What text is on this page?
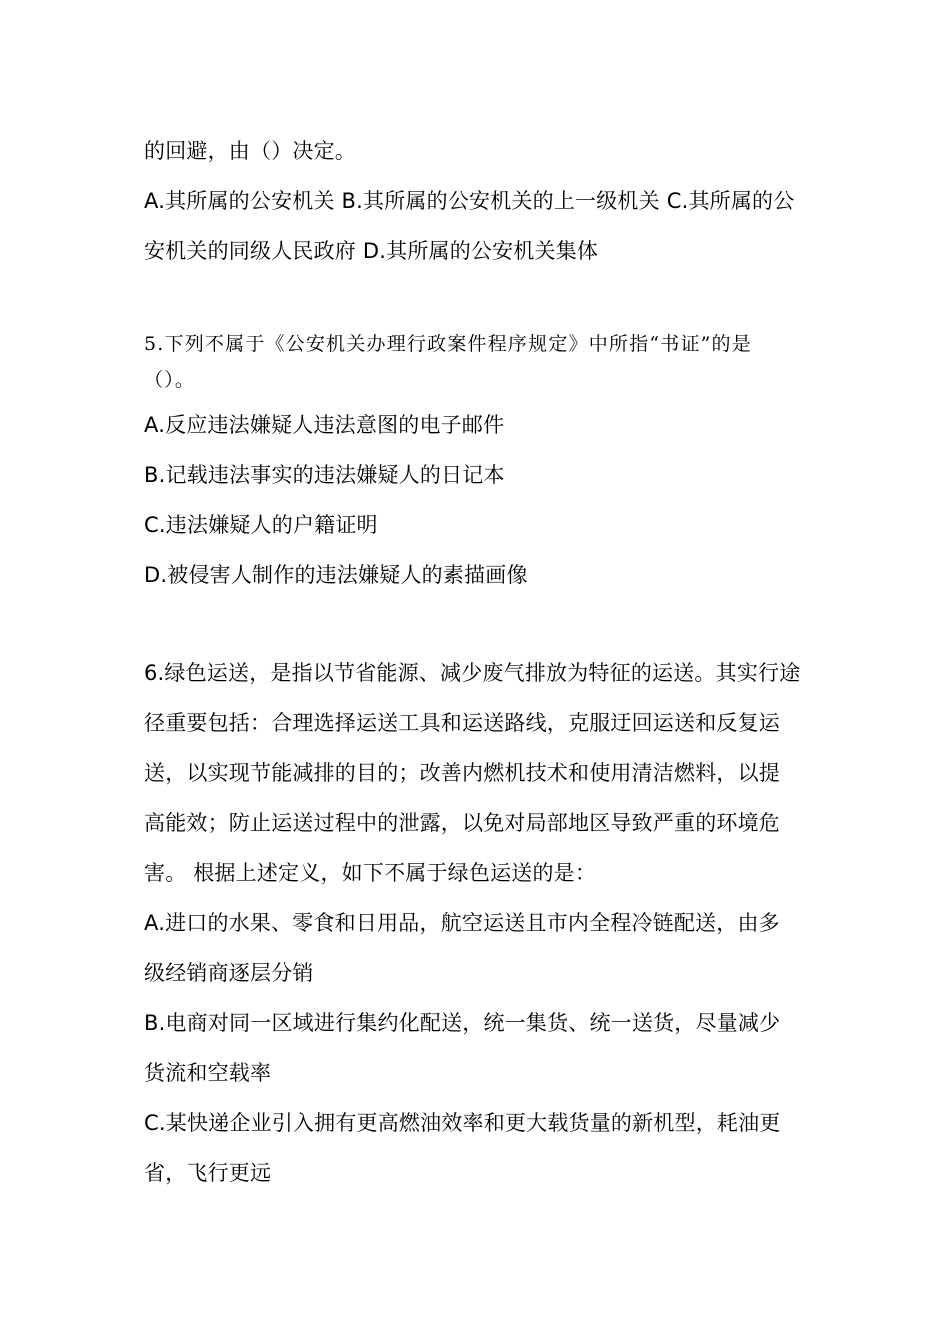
的回避，由（）决定。
A.其所属的公安机关 B.其所属的公安机关的上一级机关 C.其所属的公
安机关的同级人民政府 D.其所属的公安机关集体
5.下列不属于《公安机关办理行政案件程序规定》中所指“书证”的是
（）。
A.反应违法嫌疑人违法意图的电子邮件
B.记载违法事实的违法嫌疑人的日记本
C.违法嫌疑人的户籍证明
D.被侵害人制作的违法嫌疑人的素描画像
6.绿色运送，是指以节省能源、减少废气排放为特征的运送。其实行途
径重要包括：合理选择运送工具和运送路线，克服迂回运送和反复运
送，以实现节能减排的目的；改善内燃机技术和使用清洁燃料，以提
高能效；防止运送过程中的泄露，以免对局部地区导致严重的环境危
害。 根据上述定义，如下不属于绿色运送的是：
A.进口的水果、零食和日用品，航空运送且市内全程冷链配送，由多
级经销商逐层分销
B.电商对同一区域进行集约化配送，统一集货、统一送货，尽量减少
货流和空载率
C.某快递企业引入拥有更高燃油效率和更大载货量的新机型，耗油更
省，飞行更远
